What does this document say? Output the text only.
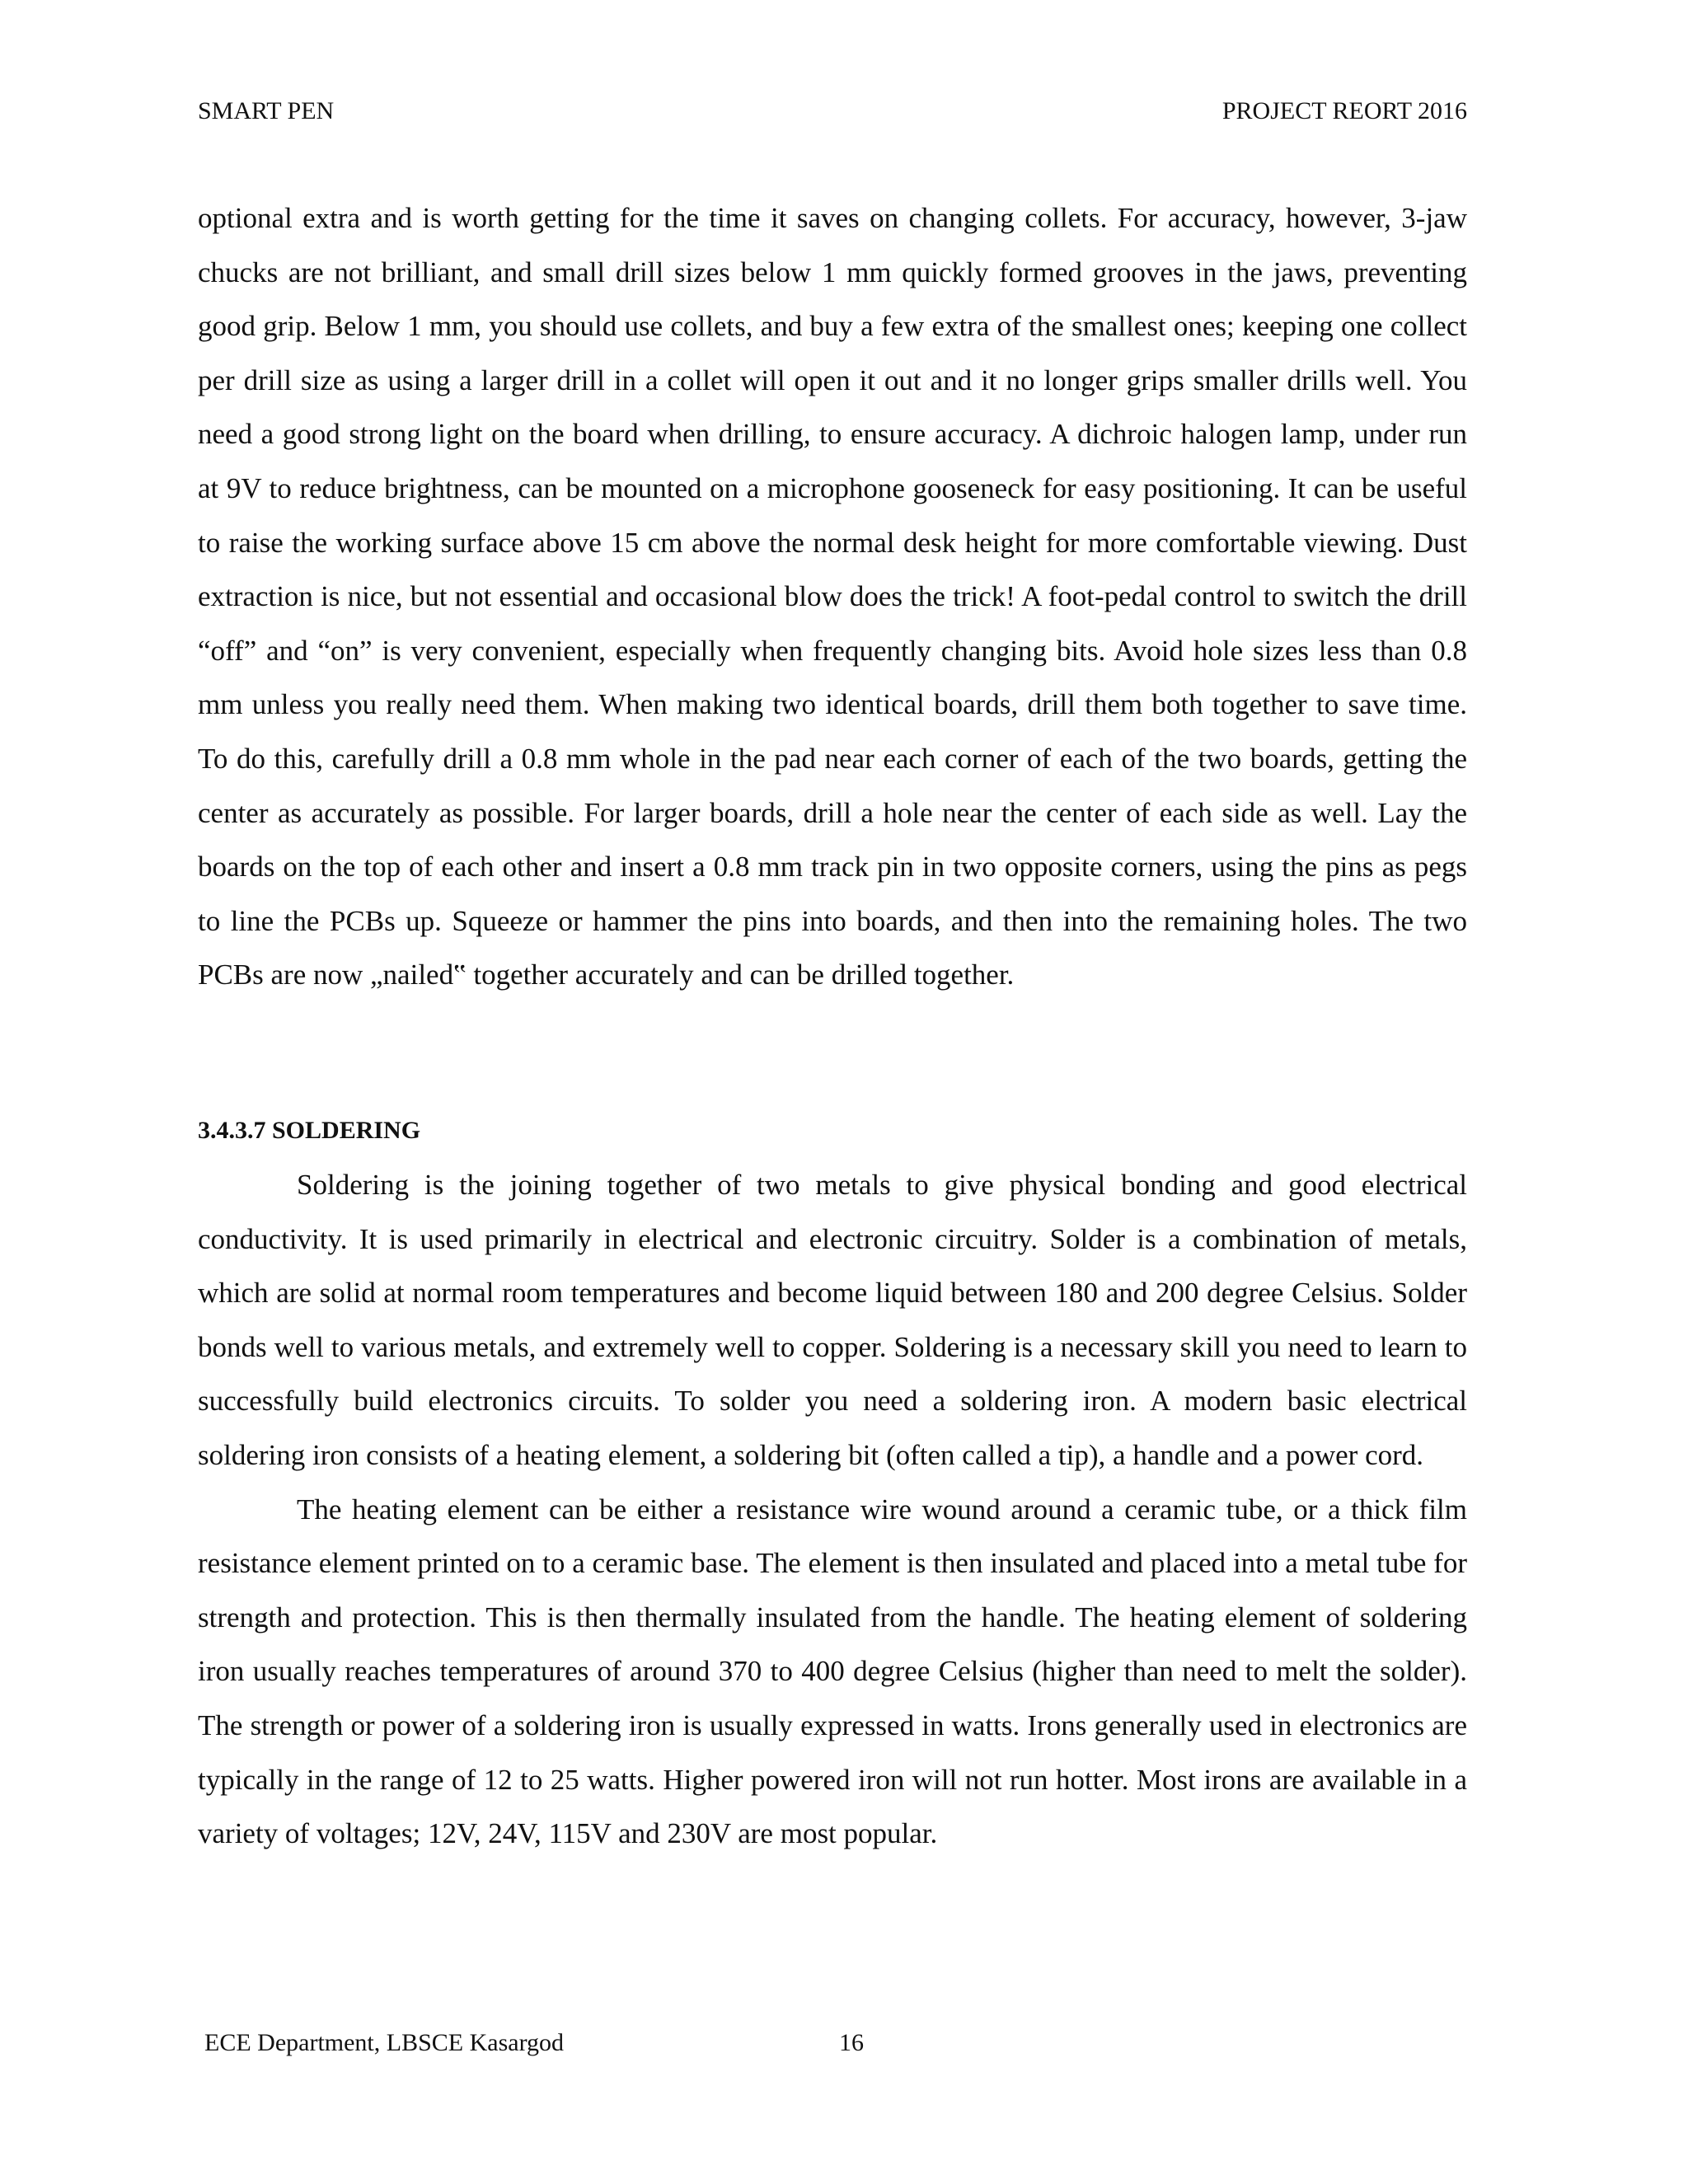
SMART PEN	PROJECT REORT 2016

optional extra and is worth getting for the time it saves on changing collets. For accuracy, however, 3-jaw chucks are not brilliant, and small drill sizes below 1 mm quickly formed grooves in the jaws, preventing good grip. Below 1 mm, you should use collets, and buy a few extra of the smallest ones; keeping one collect per drill size as using a larger drill in a collet will open it out and it no longer grips smaller drills well. You need a good strong light on the board when drilling, to ensure accuracy. A dichroic halogen lamp, under run at 9V to reduce brightness, can be mounted on a microphone gooseneck for easy positioning. It can be useful to raise the working surface above 15 cm above the normal desk height for more comfortable viewing. Dust extraction is nice, but not essential and occasional blow does the trick! A foot-pedal control to switch the drill “off” and “on” is very convenient, especially when frequently changing bits. Avoid hole sizes less than 0.8 mm unless you really need them. When making two identical boards, drill them both together to save time. To do this, carefully drill a 0.8 mm whole in the pad near each corner of each of the two boards, getting the center as accurately as possible. For larger boards, drill a hole near the center of each side as well. Lay the boards on the top of each other and insert a 0.8 mm track pin in two opposite corners, using the pins as pegs to line the PCBs up. Squeeze or hammer the pins into boards, and then into the remaining holes. The two PCBs are now „nailed‟ together accurately and can be drilled together.

3.4.3.7 SOLDERING

Soldering is the joining together of two metals to give physical bonding and good electrical conductivity. It is used primarily in electrical and electronic circuitry. Solder is a combination of metals, which are solid at normal room temperatures and become liquid between 180 and 200 degree Celsius. Solder bonds well to various metals, and extremely well to copper. Soldering is a necessary skill you need to learn to successfully build electronics circuits. To solder you need a soldering iron. A modern basic electrical soldering iron consists of a heating element, a soldering bit (often called a tip), a handle and a power cord.

The heating element can be either a resistance wire wound around a ceramic tube, or a thick film resistance element printed on to a ceramic base. The element is then insulated and placed into a metal tube for strength and protection. This is then thermally insulated from the handle. The heating element of soldering iron usually reaches temperatures of around 370 to 400 degree Celsius (higher than need to melt the solder). The strength or power of a soldering iron is usually expressed in watts. Irons generally used in electronics are typically in the range of 12 to 25 watts. Higher powered iron will not run hotter. Most irons are available in a variety of voltages; 12V, 24V, 115V and 230V are most popular.

ECE Department, LBSCE Kasargod	16
